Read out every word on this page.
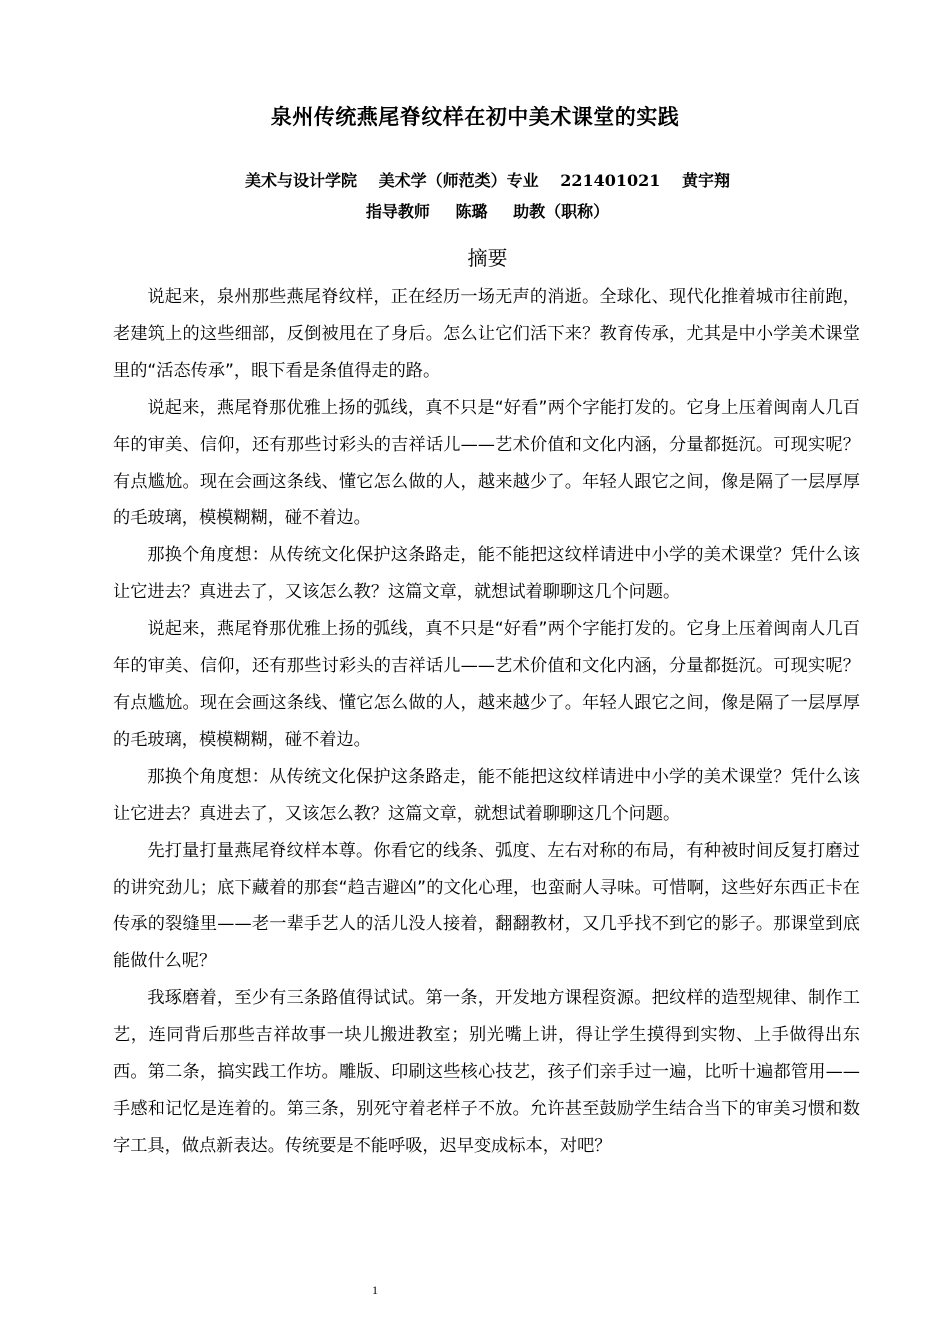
泉州传统燕尾脊纹样在初中美术课堂的实践
美术与设计学院 美术学（师范类）专业 221401021 黄宇翔
指导教师 陈璐 助教（职称）
摘要

说起来，泉州那些燕尾脊纹样，正在经历一场无声的消逝。全球化、现代化推着城市往前跑，老建筑上的这些细部，反倒被甩在了身后。怎么让它们活下来？教育传承，尤其是中小学美术课堂里的“活态传承”，眼下看是条值得走的路。

说起来，燕尾脊那优雅上扬的弧线，真不只是“好看”两个字能打发的。它身上压着闽南人几百年的审美、信仰，还有那些讨彩头的吉祥话儿——艺术价值和文化内涵，分量都挺沉。可现实呢？有点尴尬。现在会画这条线、懂它怎么做的人，越来越少了。年轻人跟它之间，像是隔了一层厚厚的毛玻璃，模模糊糊，碰不着边。

那换个角度想：从传统文化保护这条路走，能不能把这纹样请进中小学的美术课堂？凭什么该让它进去？真进去了，又该怎么教？这篇文章，就想试着聊聊这几个问题。

说起来，燕尾脊那优雅上扬的弧线，真不只是“好看”两个字能打发的。它身上压着闽南人几百年的审美、信仰，还有那些讨彩头的吉祥话儿——艺术价值和文化内涵，分量都挺沉。可现实呢？有点尴尬。现在会画这条线、懂它怎么做的人，越来越少了。年轻人跟它之间，像是隔了一层厚厚的毛玻璃，模模糊糊，碰不着边。

那换个角度想：从传统文化保护这条路走，能不能把这纹样请进中小学的美术课堂？凭什么该让它进去？真进去了，又该怎么教？这篇文章，就想试着聊聊这几个问题。

先打量打量燕尾脊纹样本尊。你看它的线条、弧度、左右对称的布局，有种被时间反复打磨过的讲究劲儿；底下藏着的那套“趋吉避凶”的文化心理，也蛮耐人寻味。可惜啊，这些好东西正卡在传承的裂缝里——老一辈手艺人的活儿没人接着，翻翻教材，又几乎找不到它的影子。那课堂到底能做什么呢？

我琢磨着，至少有三条路值得试试。第一条，开发地方课程资源。把纹样的造型规律、制作工艺，连同背后那些吉祥故事一块儿搬进教室；别光嘴上讲，得让学生摸得到实物、上手做得出东西。第二条，搞实践工作坊。雕版、印刷这些核心技艺，孩子们亲手过一遍，比听十遍都管用——手感和记忆是连着的。第三条，别死守着老样子不放。允许甚至鼓励学生结合当下的审美习惯和数字工具，做点新表达。传统要是不能呼吸，迟早变成标本，对吧？

1
